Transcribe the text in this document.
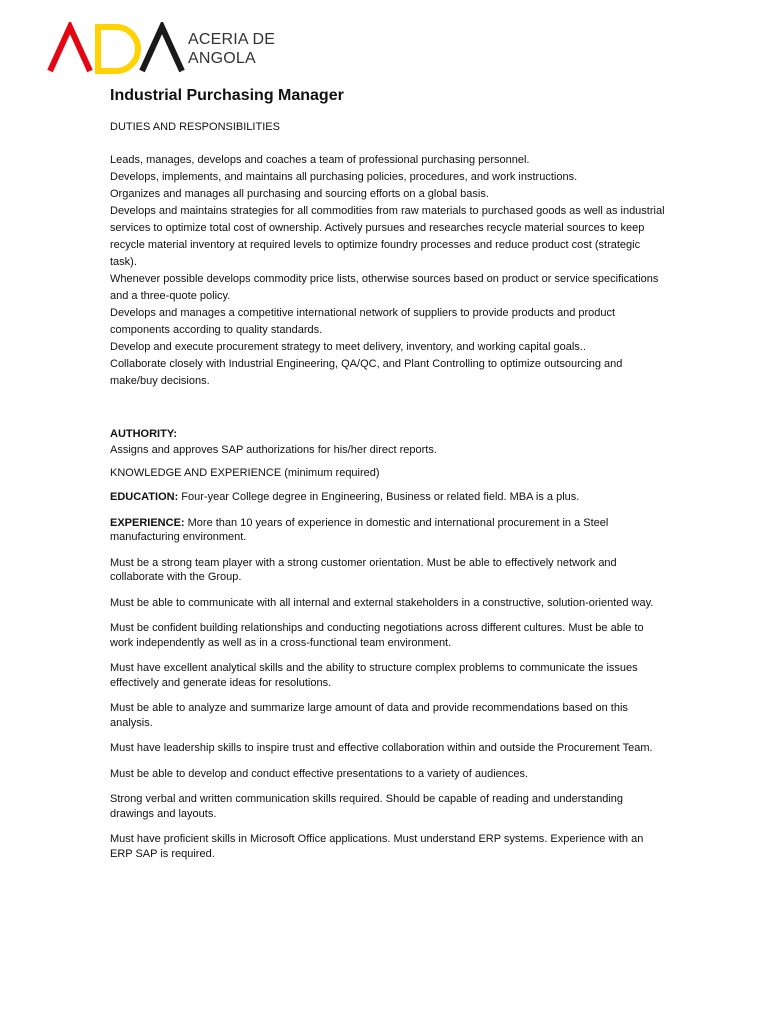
ACERIA DE
ANGOLA
Industrial Purchasing Manager
DUTIES AND RESPONSIBILITIES

Leads, manages, develops and coaches a team of professional purchasing personnel.

Develops, implements, and maintains all purchasing policies, procedures, and work instructions.

Organizes and manages all purchasing and sourcing efforts on a global basis.

Develops and maintains strategies for all commodities from raw materials to purchased goods as well as industrial services to optimize total cost of ownership. Actively pursues and researches recycle material sources to keep recycle material inventory at required levels to optimize foundry processes and reduce product cost (strategic task).

Whenever possible develops commodity price lists, otherwise sources based on product or service specifications and a three-quote policy.

Develops and manages a competitive international network of suppliers to provide products and product components according to quality standards.

Develop and execute procurement strategy to meet delivery, inventory, and working capital goals..

Collaborate closely with Industrial Engineering, QA/QC, and Plant Controlling to optimize outsourcing and make/buy decisions.

AUTHORITY:

Assigns and approves SAP authorizations for his/her direct reports.

KNOWLEDGE AND EXPERIENCE (minimum required)

EDUCATION: Four-year College degree in Engineering, Business or related field. MBA is a plus.

EXPERIENCE: More than 10 years of experience in domestic and international procurement in a Steel manufacturing environment.

Must be a strong team player with a strong customer orientation. Must be able to effectively network and collaborate with the Group.

Must be able to communicate with all internal and external stakeholders in a constructive, solution-oriented way.

Must be confident building relationships and conducting negotiations across different cultures. Must be able to work independently as well as in a cross-functional team environment.

Must have excellent analytical skills and the ability to structure complex problems to communicate the issues effectively and generate ideas for resolutions.

Must be able to analyze and summarize large amount of data and provide recommendations based on this analysis.

Must have leadership skills to inspire trust and effective collaboration within and outside the Procurement Team.

Must be able to develop and conduct effective presentations to a variety of audiences.

Strong verbal and written communication skills required. Should be capable of reading and understanding drawings and layouts.

Must have proficient skills in Microsoft Office applications. Must understand ERP systems. Experience with an ERP SAP is required.
